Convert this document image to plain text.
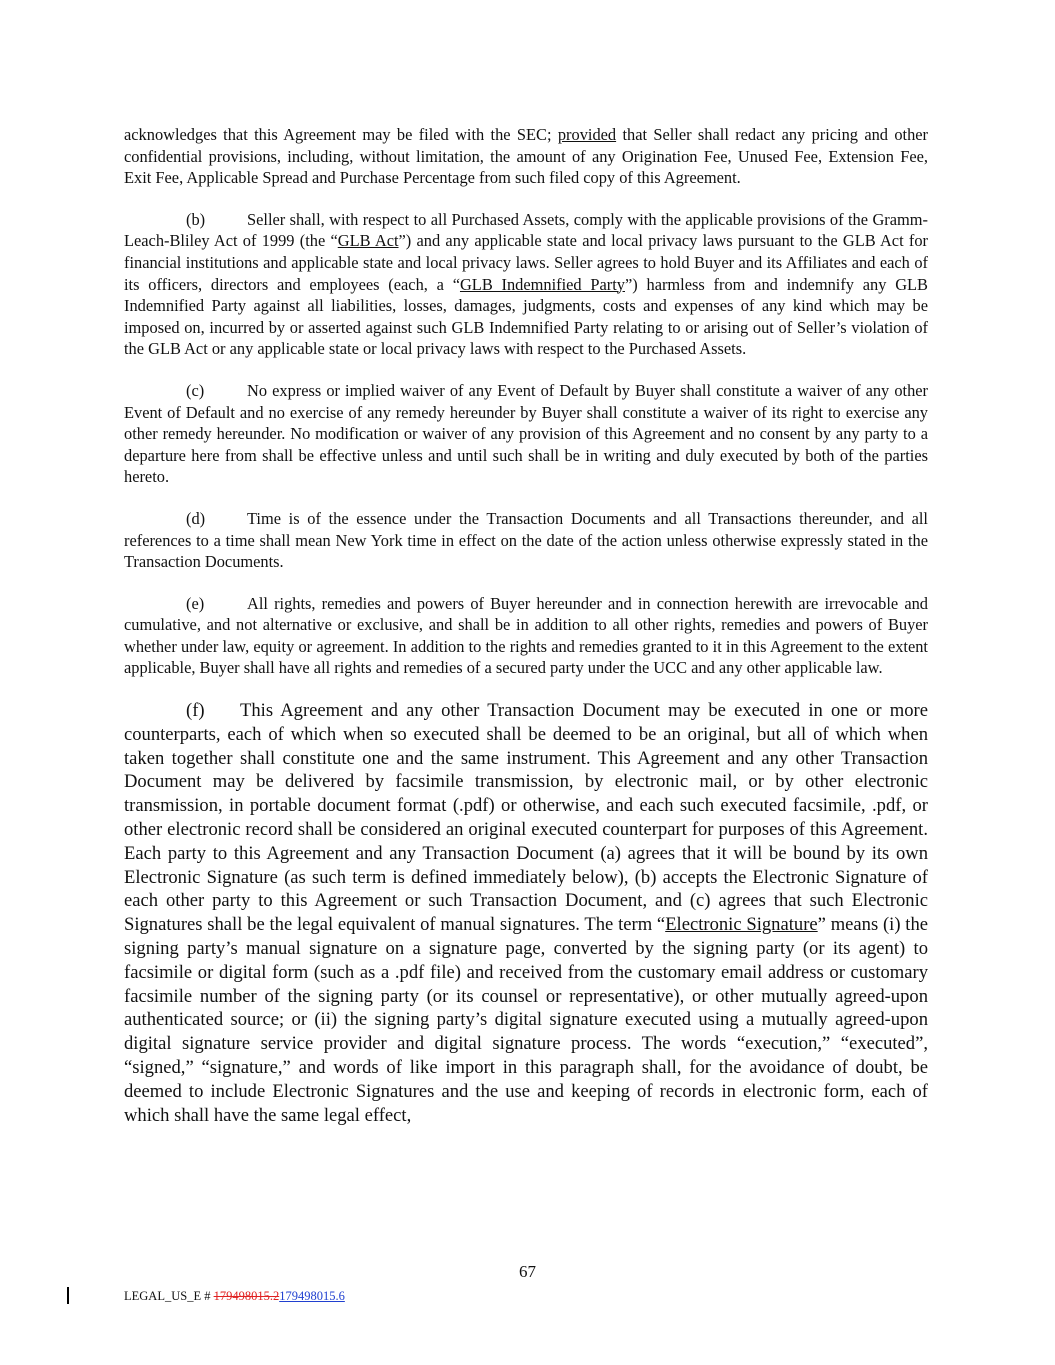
acknowledges that this Agreement may be filed with the SEC; provided that Seller shall redact any pricing and other confidential provisions, including, without limitation, the amount of any Origination Fee, Unused Fee, Extension Fee, Exit Fee, Applicable Spread and Purchase Percentage from such filed copy of this Agreement.

(b)	Seller shall, with respect to all Purchased Assets, comply with the applicable provisions of the Gramm-Leach-Bliley Act of 1999 (the “GLB Act”) and any applicable state and local privacy laws pursuant to the GLB Act for financial institutions and applicable state and local privacy laws. Seller agrees to hold Buyer and its Affiliates and each of its officers, directors and employees (each, a “GLB Indemnified Party”) harmless from and indemnify any GLB Indemnified Party against all liabilities, losses, damages, judgments, costs and expenses of any kind which may be imposed on, incurred by or asserted against such GLB Indemnified Party relating to or arising out of Seller’s violation of the GLB Act or any applicable state or local privacy laws with respect to the Purchased Assets.

(c)	No express or implied waiver of any Event of Default by Buyer shall constitute a waiver of any other Event of Default and no exercise of any remedy hereunder by Buyer shall constitute a waiver of its right to exercise any other remedy hereunder. No modification or waiver of any provision of this Agreement and no consent by any party to a departure here from shall be effective unless and until such shall be in writing and duly executed by both of the parties hereto.

(d)	Time is of the essence under the Transaction Documents and all Transactions thereunder, and all references to a time shall mean New York time in effect on the date of the action unless otherwise expressly stated in the Transaction Documents.

(e)	All rights, remedies and powers of Buyer hereunder and in connection herewith are irrevocable and cumulative, and not alternative or exclusive, and shall be in addition to all other rights, remedies and powers of Buyer whether under law, equity or agreement. In addition to the rights and remedies granted to it in this Agreement to the extent applicable, Buyer shall have all rights and remedies of a secured party under the UCC and any other applicable law.

(f) This Agreement and any other Transaction Document may be executed in one or more counterparts, each of which when so executed shall be deemed to be an original, but all of which when taken together shall constitute one and the same instrument. This Agreement and any other Transaction Document may be delivered by facsimile transmission, by electronic mail, or by other electronic transmission, in portable document format (.pdf) or otherwise, and each such executed facsimile, .pdf, or other electronic record shall be considered an original executed counterpart for purposes of this Agreement. Each party to this Agreement and any Transaction Document (a) agrees that it will be bound by its own Electronic Signature (as such term is defined immediately below), (b) accepts the Electronic Signature of each other party to this Agreement or such Transaction Document, and (c) agrees that such Electronic Signatures shall be the legal equivalent of manual signatures. The term “Electronic Signature” means (i) the signing party’s manual signature on a signature page, converted by the signing party (or its agent) to facsimile or digital form (such as a .pdf file) and received from the customary email address or customary facsimile number of the signing party (or its counsel or representative), or other mutually agreed-upon authenticated source; or (ii) the signing party’s digital signature executed using a mutually agreed-upon digital signature service provider and digital signature process. The words “execution,” “executed”, “signed,” “signature,” and words of like import in this paragraph shall, for the avoidance of doubt, be deemed to include Electronic Signatures and the use and keeping of records in electronic form, each of which shall have the same legal effect,

67
LEGAL_US_E # 179498015.2179498015.6
